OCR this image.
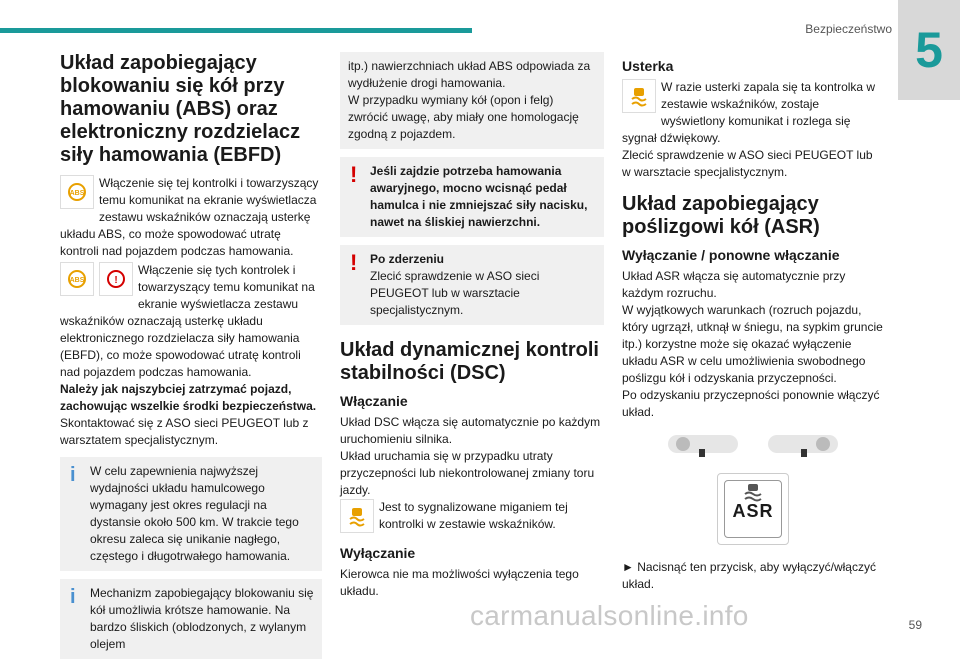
Bezpieczeństwo 5
59
carmanualsonline.info
Układ zapobiegający blokowaniu się kół przy hamowaniu (ABS) oraz elektroniczny rozdzielacz siły hamowania (EBFD)
ABS
Włączenie się tej kontrolki i towarzyszący temu komunikat na ekranie wyświetlacza zestawu wskaźników oznaczają usterkę układu ABS, co może spowodować utratę kontroli nad pojazdem podczas hamowania.
ABS	!
Włączenie się tych kontrolek i towarzyszący temu komunikat na ekranie wyświetlacza zestawu wskaźników oznaczają usterkę układu elektronicznego rozdzielacza siły hamowania (EBFD), co może spowodować utratę kontroli nad pojazdem podczas hamowania.

Należy jak najszybciej zatrzymać pojazd, zachowując wszelkie środki bezpieczeństwa.

Skontaktować się z ASO sieci PEUGEOT lub z warsztatem specjalistycznym.

i	W celu zapewnienia najwyższej wydajności układu hamulcowego wymagany jest okres regulacji na dystansie około 500 km. W trakcie tego okresu zaleca się unikanie nagłego, częstego i długotrwałego hamowania.
i	Mechanizm zapobiegający blokowaniu się kół umożliwia krótsze hamowanie. Na bardzo śliskich (oblodzonych, z wylanym olejem
itp.) nawierzchniach układ ABS odpowiada za wydłużenie drogi hamowania.
W przypadku wymiany kół (opon i felg) zwrócić uwagę, aby miały one homologację zgodną z pojazdem.
!	Jeśli zajdzie potrzeba hamowania awaryjnego, mocno wcisnąć pedał hamulca i nie zmniejszać siły nacisku, nawet na śliskiej nawierzchni.
! Po zderzeniu
Zlecić sprawdzenie w ASO sieci PEUGEOT lub w warsztacie specjalistycznym.
Układ dynamicznej kontroli stabilności (DSC)
Włączanie

Układ DSC włącza się automatycznie po każdym uruchomieniu silnika.
Układ uruchamia się w przypadku utraty przyczepności lub niekontrolowanej zmiany toru jazdy.

Jest to sygnalizowane miganiem tej kontrolki w zestawie wskaźników.
Wyłączanie

Kierowca nie ma możliwości wyłączenia tego układu.

Usterka
W razie usterki zapala się ta kontrolka w zestawie wskaźników, zostaje wyświetlony komunikat i rozlega się sygnał dźwiękowy.
Zlecić sprawdzenie w ASO sieci PEUGEOT lub w warsztacie specjalistycznym.
Układ zapobiegający poślizgowi kół (ASR)
Wyłączanie / ponowne włączanie

Układ ASR włącza się automatycznie przy każdym rozruchu.
W wyjątkowych warunkach (rozruch pojazdu, który ugrzązł, utknął w śniegu, na sypkim gruncie itp.) korzystne może się okazać wyłączenie układu ASR w celu umożliwienia swobodnego poślizgu kół i odzyskania przyczepności.
Po odzyskaniu przyczepności ponownie włączyć układ.

ASR

► Nacisnąć ten przycisk, aby wyłączyć/włączyć układ.
